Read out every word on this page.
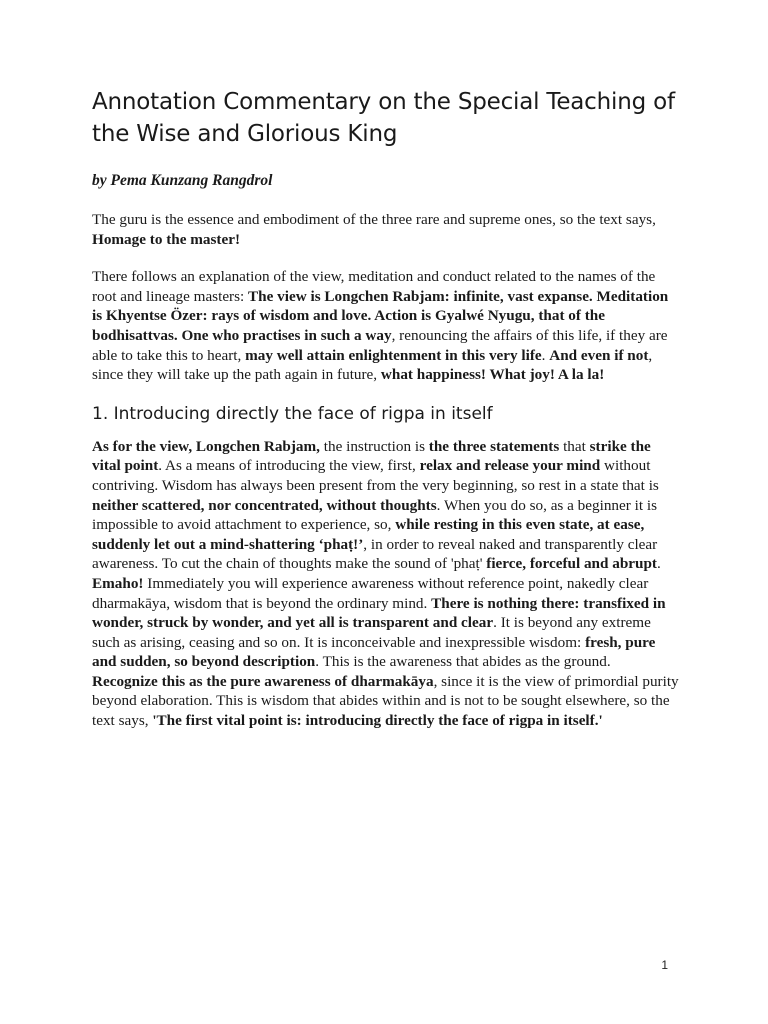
Annotation Commentary on the Special Teaching of the Wise and Glorious King
by Pema Kunzang Rangdrol

The guru is the essence and embodiment of the three rare and supreme ones, so the text says, Homage to the master!

There follows an explanation of the view, meditation and conduct related to the names of the root and lineage masters: The view is Longchen Rabjam: infinite, vast expanse. Meditation is Khyentse Özer: rays of wisdom and love. Action is Gyalwé Nyugu, that of the bodhisattvas. One who practises in such a way, renouncing the affairs of this life, if they are able to take this to heart, may well attain enlightenment in this very life. And even if not, since they will take up the path again in future, what happiness! What joy! A la la!

1. Introducing directly the face of rigpa in itself

As for the view, Longchen Rabjam, the instruction is the three statements that strike the vital point. As a means of introducing the view, first, relax and release your mind without contriving. Wisdom has always been present from the very beginning, so rest in a state that is neither scattered, nor concentrated, without thoughts. When you do so, as a beginner it is impossible to avoid attachment to experience, so, while resting in this even state, at ease, suddenly let out a mind-shattering ‘phaṭ!’, in order to reveal naked and transparently clear awareness. To cut the chain of thoughts make the sound of 'phaṭ' fierce, forceful and abrupt. Emaho! Immediately you will experience awareness without reference point, nakedly clear dharmakāya, wisdom that is beyond the ordinary mind. There is nothing there: transfixed in wonder, struck by wonder, and yet all is transparent and clear. It is beyond any extreme such as arising, ceasing and so on. It is inconceivable and inexpressible wisdom: fresh, pure and sudden, so beyond description. This is the awareness that abides as the ground. Recognize this as the pure awareness of dharmakāya, since it is the view of primordial purity beyond elaboration. This is wisdom that abides within and is not to be sought elsewhere, so the text says, 'The first vital point is: introducing directly the face of rigpa in itself.'

1
